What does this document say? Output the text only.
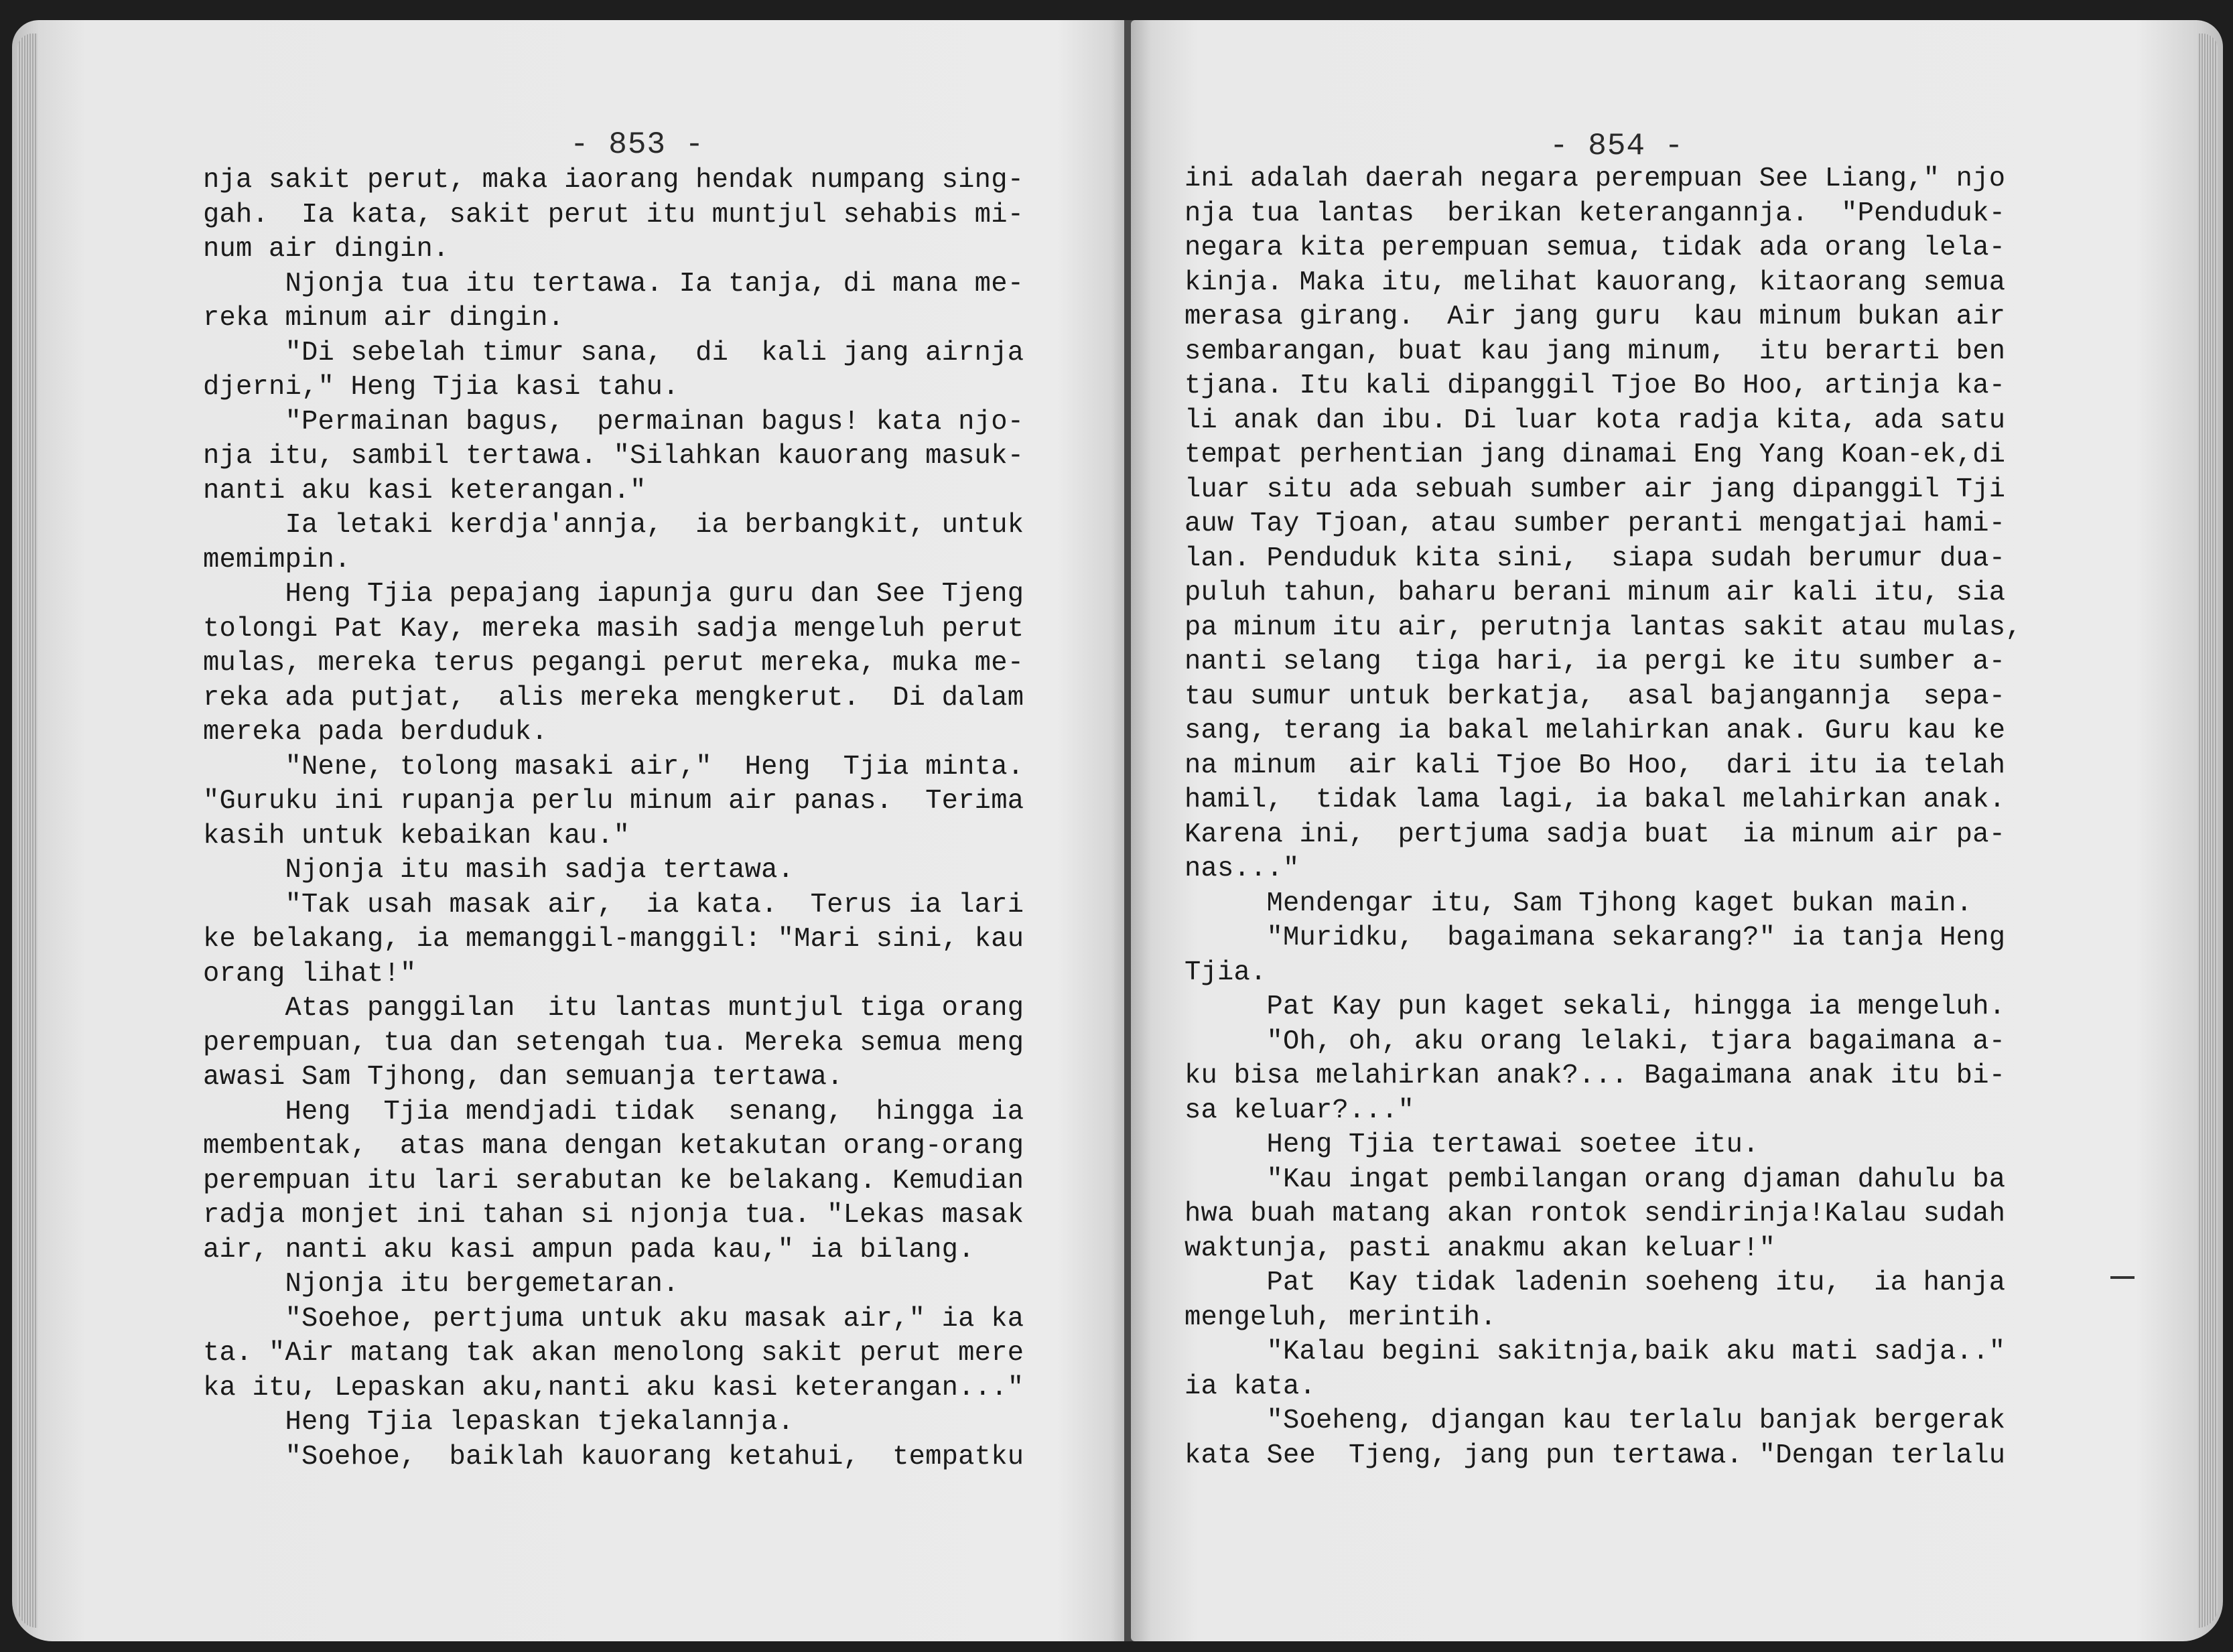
- 853 -
nja sakit perut, maka iaorang hendak numpang sing-
gah.  Ia kata, sakit perut itu muntjul sehabis mi-
num air dingin.
Njonja tua itu tertawa. Ia tanja, di mana me-
reka minum air dingin.
"Di sebelah timur sana,  di  kali jang airnja
djerni," Heng Tjia kasi tahu.
"Permainan bagus,  permainan bagus! kata njo-
nja itu, sambil tertawa. "Silahkan kauorang masuk-
nanti aku kasi keterangan."
Ia letaki kerdja'annja,  ia berbangkit, untuk
memimpin.
Heng Tjia pepajang iapunja guru dan See Tjeng
tolongi Pat Kay, mereka masih sadja mengeluh perut
mulas, mereka terus pegangi perut mereka, muka me-
reka ada putjat,  alis mereka mengkerut.  Di dalam
mereka pada berduduk.
"Nene, tolong masaki air,"  Heng  Tjia minta.
"Guruku ini rupanja perlu minum air panas.  Terima
kasih untuk kebaikan kau."
Njonja itu masih sadja tertawa.
"Tak usah masak air,  ia kata.  Terus ia lari
ke belakang, ia memanggil-manggil: "Mari sini, kau
orang lihat!"
Atas panggilan  itu lantas muntjul tiga orang
perempuan, tua dan setengah tua. Mereka semua meng
awasi Sam Tjhong, dan semuanja tertawa.
Heng  Tjia mendjadi tidak  senang,  hingga ia
membentak,  atas mana dengan ketakutan orang-orang
perempuan itu lari serabutan ke belakang. Kemudian
radja monjet ini tahan si njonja tua. "Lekas masak
air, nanti aku kasi ampun pada kau," ia bilang.
Njonja itu bergemetaran.
"Soehoe, pertjuma untuk aku masak air," ia ka
ta. "Air matang tak akan menolong sakit perut mere
ka itu, Lepaskan aku,nanti aku kasi keterangan..."
Heng Tjia lepaskan tjekalannja.
"Soehoe,  baiklah kauorang ketahui,  tempatku
- 854 -
ini adalah daerah negara perempuan See Liang," njo
nja tua lantas  berikan keterangannja.  "Penduduk-
negara kita perempuan semua, tidak ada orang lela-
kinja. Maka itu, melihat kauorang, kitaorang semua
merasa girang.  Air jang guru  kau minum bukan air
sembarangan, buat kau jang minum,  itu berarti ben
tjana. Itu kali dipanggil Tjoe Bo Hoo, artinja ka-
li anak dan ibu. Di luar kota radja kita, ada satu
tempat perhentian jang dinamai Eng Yang Koan-ek,di
luar situ ada sebuah sumber air jang dipanggil Tji
auw Tay Tjoan, atau sumber peranti mengatjai hami-
lan. Penduduk kita sini,  siapa sudah berumur dua-
puluh tahun, baharu berani minum air kali itu, sia
pa minum itu air, perutnja lantas sakit atau mulas,
nanti selang  tiga hari, ia pergi ke itu sumber a-
tau sumur untuk berkatja,  asal bajangannja  sepa-
sang, terang ia bakal melahirkan anak. Guru kau ke
na minum  air kali Tjoe Bo Hoo,  dari itu ia telah
hamil,  tidak lama lagi, ia bakal melahirkan anak.
Karena ini,  pertjuma sadja buat  ia minum air pa-
nas..."
Mendengar itu, Sam Tjhong kaget bukan main.
"Muridku,  bagaimana sekarang?" ia tanja Heng
Tjia.
Pat Kay pun kaget sekali, hingga ia mengeluh.
"Oh, oh, aku orang lelaki, tjara bagaimana a-
ku bisa melahirkan anak?... Bagaimana anak itu bi-
sa keluar?..."
Heng Tjia tertawai soetee itu.
"Kau ingat pembilangan orang djaman dahulu ba
hwa buah matang akan rontok sendirinja!Kalau sudah
waktunja, pasti anakmu akan keluar!"
Pat  Kay tidak ladenin soeheng itu,  ia hanja
mengeluh, merintih.
"Kalau begini sakitnja,baik aku mati sadja.."
ia kata.
"Soeheng, djangan kau terlalu banjak bergerak
kata See  Tjeng, jang pun tertawa. "Dengan terlalu
